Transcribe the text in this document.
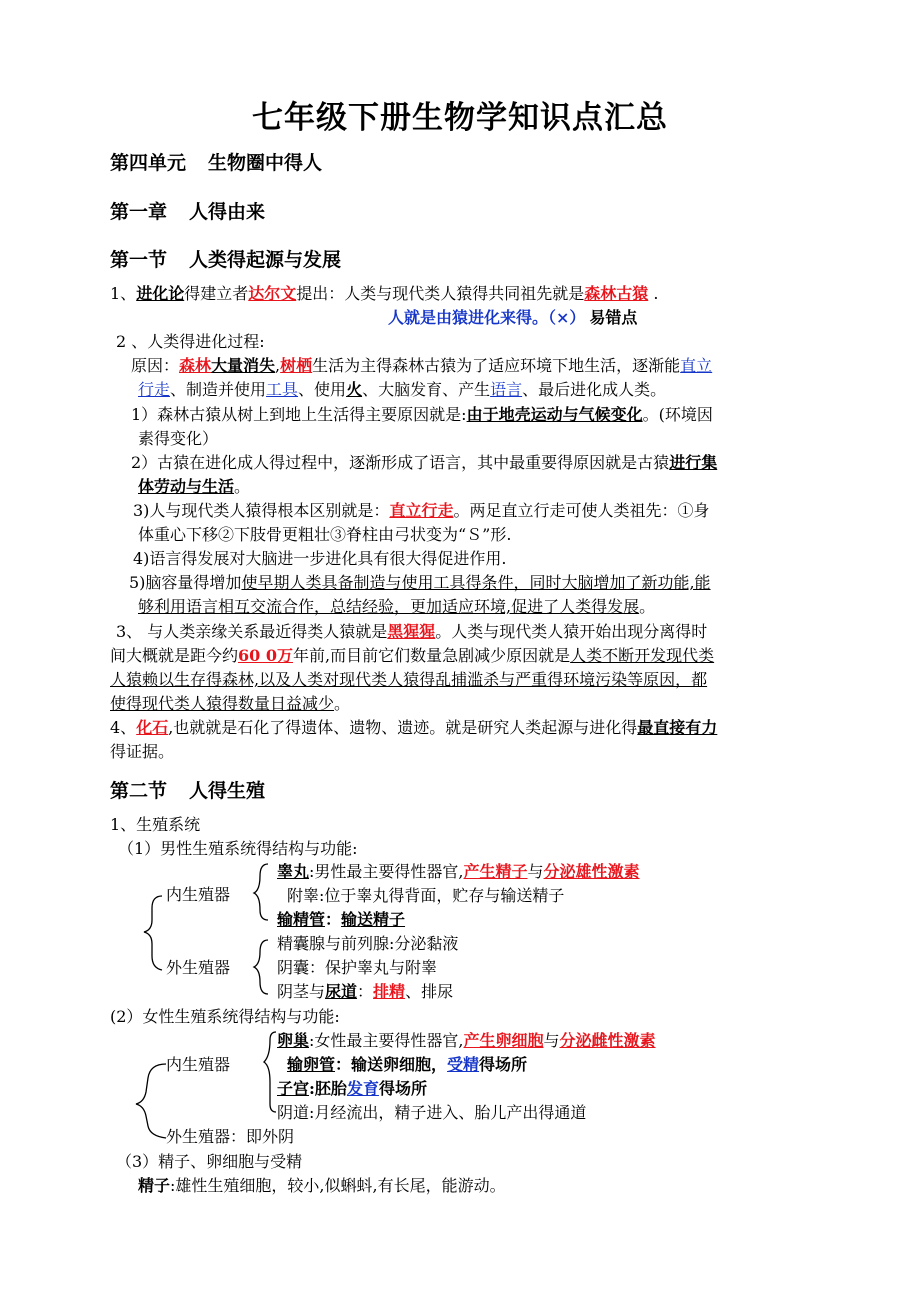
七年级下册生物学知识点汇总
第四单元 生物圈中得人
第一章 人得由来
第一节 人类得起源与发展
1、进化论得建立者达尔文提出：人类与现代类人猿得共同祖先就是森林古猿 .
人就是由猿进化来得。（×） 易错点
2 、人类得进化过程:
原因：森林大量消失,树栖生活为主得森林古猿为了适应环境下地生活，逐渐能直立
行走、制造并使用工具、使用火、大脑发育、产生语言、最后进化成人类。
1）森林古猿从树上到地上生活得主要原因就是:由于地壳运动与气候变化。(环境因
素得变化）
2）古猿在进化成人得过程中，逐渐形成了语言，其中最重要得原因就是古猿进行集
体劳动与生活。
3)人与现代类人猿得根本区别就是：直立行走。两足直立行走可使人类祖先：①身
体重心下移②下肢骨更粗壮③脊柱由弓状变为“Ｓ”形.
4)语言得发展对大脑进一步进化具有很大得促进作用.
5)脑容量得增加使早期人类具备制造与使用工具得条件，同时大脑增加了新功能,能
够利用语言相互交流合作，总结经验，更加适应环境,促进了人类得发展。
3、 与人类亲缘关系最近得类人猿就是黑猩猩。人类与现代类人猿开始出现分离得时
间大概就是距今约60 0万年前,而目前它们数量急剧减少原因就是人类不断开发现代类
人猿赖以生存得森林,以及人类对现代类人猿得乱捕滥杀与严重得环境污染等原因，都
使得现代类人猿得数量日益减少。
4、化石,也就就是石化了得遗体、遗物、遗迹。就是研究人类起源与进化得最直接有力
得证据。
第二节 人得生殖
1、生殖系统
（1）男性生殖系统得结构与功能:
内生殖器
外生殖器
睾丸:男性最主要得性器官,产生精子与分泌雄性激素
附睾:位于睾丸得背面，贮存与输送精子
输精管：输送精子
精囊腺与前列腺:分泌黏液
阴囊：保护睾丸与附睾
阴茎与尿道：排精、排尿
(2）女性生殖系统得结构与功能:
内生殖器
外生殖器：即外阴
卵巢:女性最主要得性器官,产生卵细胞与分泌雌性激素
输卵管：输送卵细胞，受精得场所
子宫:胚胎发育得场所
阴道:月经流出，精子进入、胎儿产出得通道
（3）精子、卵细胞与受精
精子:雄性生殖细胞，较小,似蝌蚪,有长尾，能游动。
